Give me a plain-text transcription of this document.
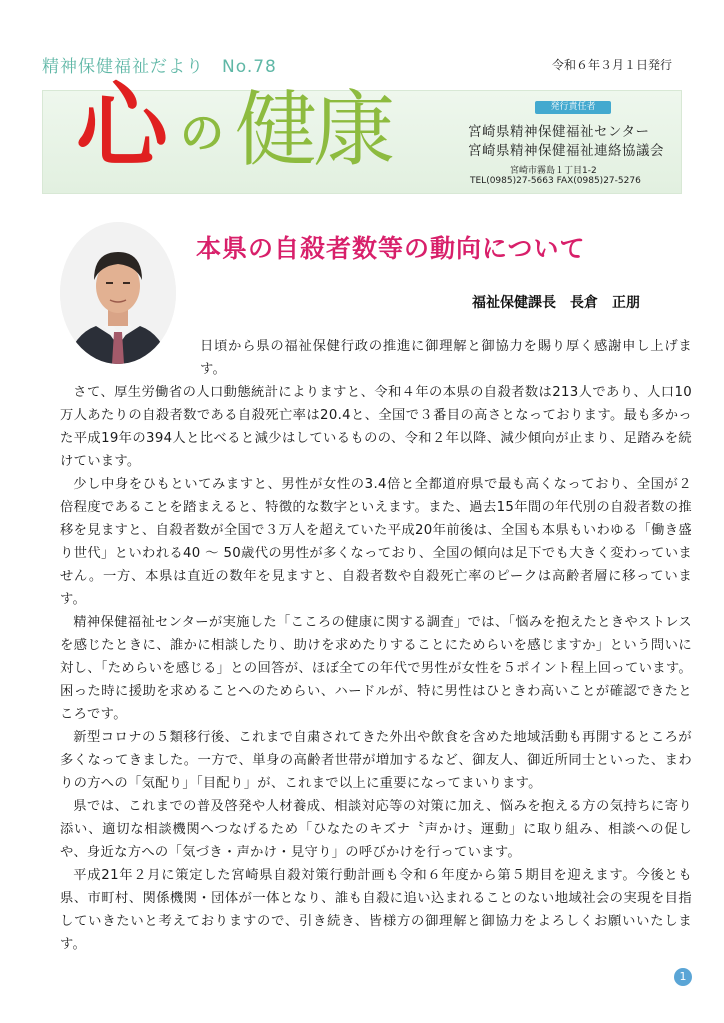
精神保健福祉だより　No.78	令和６年３月１日発行
心 の 健康	発行責任者
宮崎県精神保健福祉センター
宮崎県精神保健福祉連絡協議会
宮崎市霧島１丁目1-2
TEL(0985)27-5663 FAX(0985)27-5276
本県の自殺者数等の動向について
福祉保健課長　長倉　正朋
日頃から県の福祉保健行政の推進に御理解と御協力を賜り厚く感謝申し上げます。

さて、厚生労働省の人口動態統計によりますと、令和４年の本県の自殺者数は213人であり、人口10万人あたりの自殺者数である自殺死亡率は20.4と、全国で３番目の高さとなっております。最も多かった平成19年の394人と比べると減少はしているものの、令和２年以降、減少傾向が止まり、足踏みを続けています。

少し中身をひもといてみますと、男性が女性の3.4倍と全都道府県で最も高くなっており、全国が２倍程度であることを踏まえると、特徴的な数字といえます。また、過去15年間の年代別の自殺者数の推移を見ますと、自殺者数が全国で３万人を超えていた平成20年前後は、全国も本県もいわゆる「働き盛り世代」といわれる40 ～ 50歳代の男性が多くなっており、全国の傾向は足下でも大きく変わっていません。一方、本県は直近の数年を見ますと、自殺者数や自殺死亡率のピークは高齢者層に移っています。

精神保健福祉センターが実施した「こころの健康に関する調査」では、「悩みを抱えたときやストレスを感じたときに、誰かに相談したり、助けを求めたりすることにためらいを感じますか」という問いに対し、「ためらいを感じる」との回答が、ほぼ全ての年代で男性が女性を５ポイント程上回っています。困った時に援助を求めることへのためらい、ハードルが、特に男性はひときわ高いことが確認できたところです。

新型コロナの５類移行後、これまで自粛されてきた外出や飲食を含めた地域活動も再開するところが多くなってきました。一方で、単身の高齢者世帯が増加するなど、御友人、御近所同士といった、まわりの方への「気配り」「目配り」が、これまで以上に重要になってまいります。

県では、これまでの普及啓発や人材養成、相談対応等の対策に加え、悩みを抱える方の気持ちに寄り添い、適切な相談機関へつなげるため「ひなたのキズナ〝声かけ〟運動」に取り組み、相談への促しや、身近な方への「気づき・声かけ・見守り」の呼びかけを行っています。

平成21年２月に策定した宮崎県自殺対策行動計画も令和６年度から第５期目を迎えます。今後とも県、市町村、関係機関・団体が一体となり、誰も自殺に追い込まれることのない地域社会の実現を目指していきたいと考えておりますので、引き続き、皆様方の御理解と御協力をよろしくお願いいたします。

1
